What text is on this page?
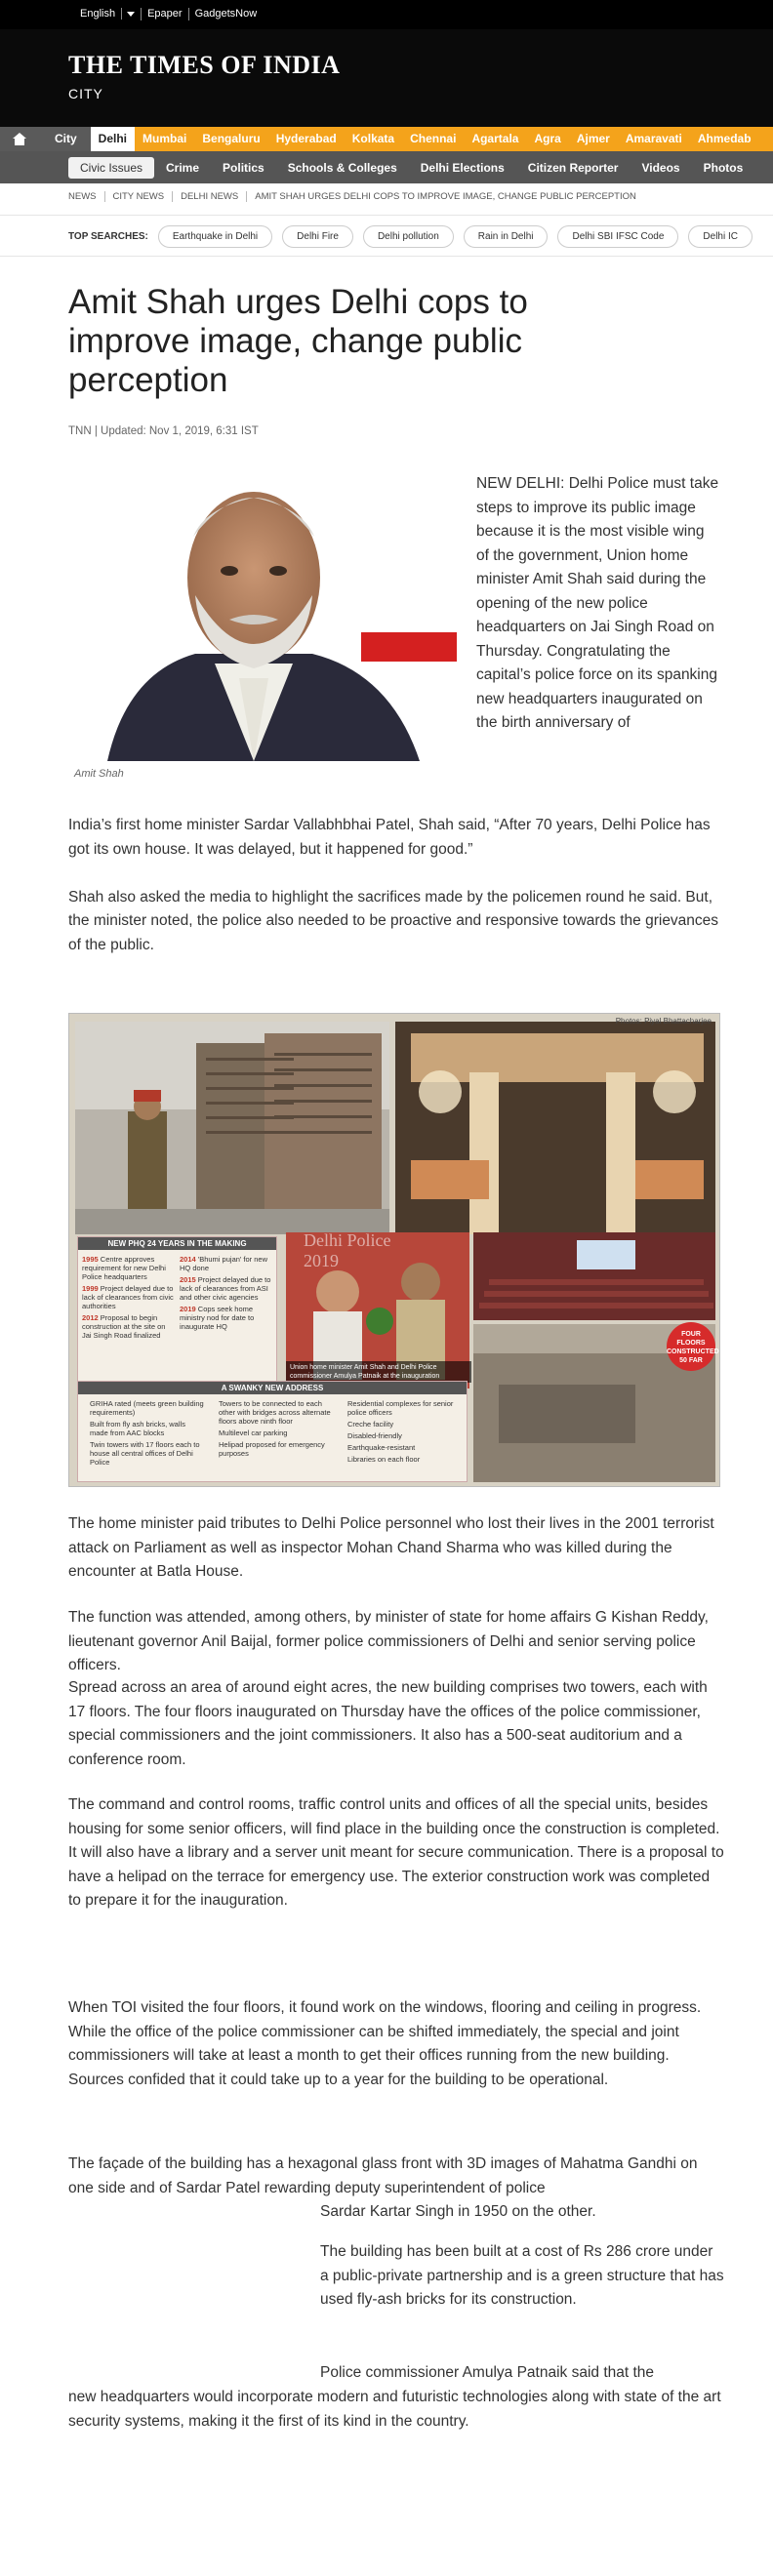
English	Epaper	GadgetsNow
THE TIMES OF INDIA
CITY
City	Delhi	Mumbai	Bengaluru	Hyderabad	Kolkata	Chennai	Agartala	Agra	Ajmer	Amaravati	Ahmedab
Civic Issues	Crime	Politics	Schools & Colleges	Delhi Elections	Citizen Reporter	Videos	Photos
NEWS	CITY NEWS	DELHI NEWS	AMIT SHAH URGES DELHI COPS TO IMPROVE IMAGE, CHANGE PUBLIC PERCEPTION
TOP SEARCHES:	Earthquake in Delhi	Delhi Fire	Delhi pollution	Rain in Delhi	Delhi SBI IFSC Code	Delhi IC
Amit Shah urges Delhi cops to improve image, change public perception
TNN | Updated: Nov 1, 2019, 6:31 IST
Amit Shah

NEW DELHI: Delhi Police must take steps to improve its public image because it is the most visible wing of the government, Union home minister Amit Shah said during the opening of the new police headquarters on Jai Singh Road on Thursday. Congratulating the capital’s police force on its spanking new headquarters inaugurated on the birth anniversary of

India’s first home minister Sardar Vallabhbhai Patel, Shah said, “After 70 years, Delhi Police has got its own house. It was delayed, but it happened for good.”

Shah also asked the media to highlight the sacrifices made by the policemen round he said. But, the minister noted, the police also needed to be proactive and responsive towards the grievances of the public.

Photos: Piyal Bhattacharjee
Delhi Police
2019
NEW PHQ 24 YEARS IN THE MAKING
1995 Centre approves requirement for new Delhi Police headquarters
1999 Project delayed due to lack of clearances from civic authorities
2012 Proposal to begin construction at the site on Jai Singh Road finalized
2014 'Bhumi pujan' for new HQ done
2015 Project delayed due to lack of clearances from ASI and other civic agencies
2019 Cops seek home ministry nod for date to inaugurate HQ
Union home minister Amit Shah and Delhi Police commissioner Amulya Patnaik at the inauguration
FOUR FLOORS CONSTRUCTED 50 FAR
A SWANKY NEW ADDRESS
GRIHA rated (meets green building requirements)
Built from fly ash bricks, walls made from AAC blocks
Twin towers with 17 floors each to house all central offices of Delhi Police
Towers to be connected to each other with bridges across alternate floors above ninth floor
Multilevel car parking
Helipad proposed for emergency purposes
Residential complexes for senior police officers
Creche facility
Disabled-friendly
Earthquake-resistant
Libraries on each floor

The home minister paid tributes to Delhi Police personnel who lost their lives in the 2001 terrorist attack on Parliament as well as inspector Mohan Chand Sharma who was killed during the encounter at Batla House.

The function was attended, among others, by minister of state for home affairs G Kishan Reddy, lieutenant governor Anil Baijal, former police commissioners of Delhi and senior serving police officers.

Spread across an area of around eight acres, the new building comprises two towers, each with 17 floors. The four floors inaugurated on Thursday have the offices of the police commissioner, special commissioners and the joint commissioners. It also has a 500-seat auditorium and a conference room.

The command and control rooms, traffic control units and offices of all the special units, besides housing for some senior officers, will find place in the building once the construction is completed. It will also have a library and a server unit meant for secure communication. There is a proposal to have a helipad on the terrace for emergency use. The exterior construction work was completed to prepare it for the inauguration.

When TOI visited the four floors, it found work on the windows, flooring and ceiling in progress. While the office of the police commissioner can be shifted immediately, the special and joint commissioners will take at least a month to get their offices running from the new building. Sources confided that it could take up to a year for the building to be operational.

The façade of the building has a hexagonal glass front with 3D images of Mahatma Gandhi on one side and of Sardar Patel rewarding deputy superintendent of police

Sardar Kartar Singh in 1950 on the other.

The building has been built at a cost of Rs 286 crore under a public-private partnership and is a green structure that has used fly-ash bricks for its construction.

Police commissioner Amulya Patnaik said that the

new headquarters would incorporate modern and futuristic technologies along with state of the art security systems, making it the first of its kind in the country.
